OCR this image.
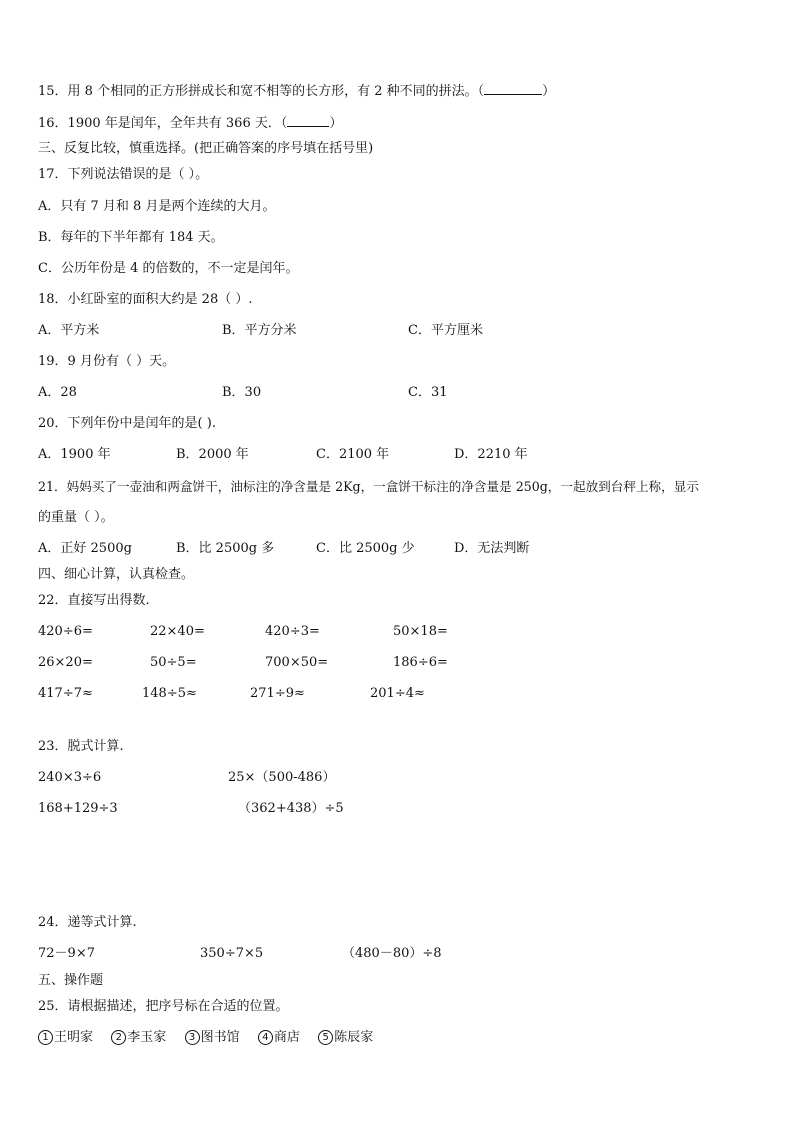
15．用 8 个相同的正方形拼成长和宽不相等的长方形，有 2 种不同的拼法。（	）
16．1900 年是闰年，全年共有 366 天．（	）
三、反复比较，慎重选择。(把正确答案的序号填在括号里)
17．下列说法错误的是（ ）。
A．只有 7 月和 8 月是两个连续的大月。
B．每年的下半年都有 184 天。
C．公历年份是 4 的倍数的，不一定是闰年。
18．小红卧室的面积大约是 28（ ）.
A．平方米	B．平方分米	C．平方厘米
19．9 月份有（ ）天。
A．28	B．30	C．31
20．下列年份中是闰年的是( ).
A．1900 年	B．2000 年	C．2100 年	D．2210 年
21．妈妈买了一壶油和两盒饼干，油标注的净含量是 2Kg，一盒饼干标注的净含量是 250g，一起放到台秤上称，显示
的重量（ ）。
A．正好 2500g	B．比 2500g 多	C．比 2500g 少	D．无法判断
四、细心计算，认真检查。
22．直接写出得数.
420÷6=	22×40=	420÷3=	50×18=
26×20=	50÷5=	700×50=	186÷6=
417÷7≈	148÷5≈	271÷9≈	201÷4≈
23．脱式计算.
240×3÷6	25×（500-486）
168+129÷3	（362+438）÷5
24．递等式计算.
72－9×7	350÷7×5	（480－80）÷8
五、操作题
25．请根据描述，把序号标在合适的位置。
1 王明家 2 李玉家 3 图书馆 4 商店 5 陈辰家
